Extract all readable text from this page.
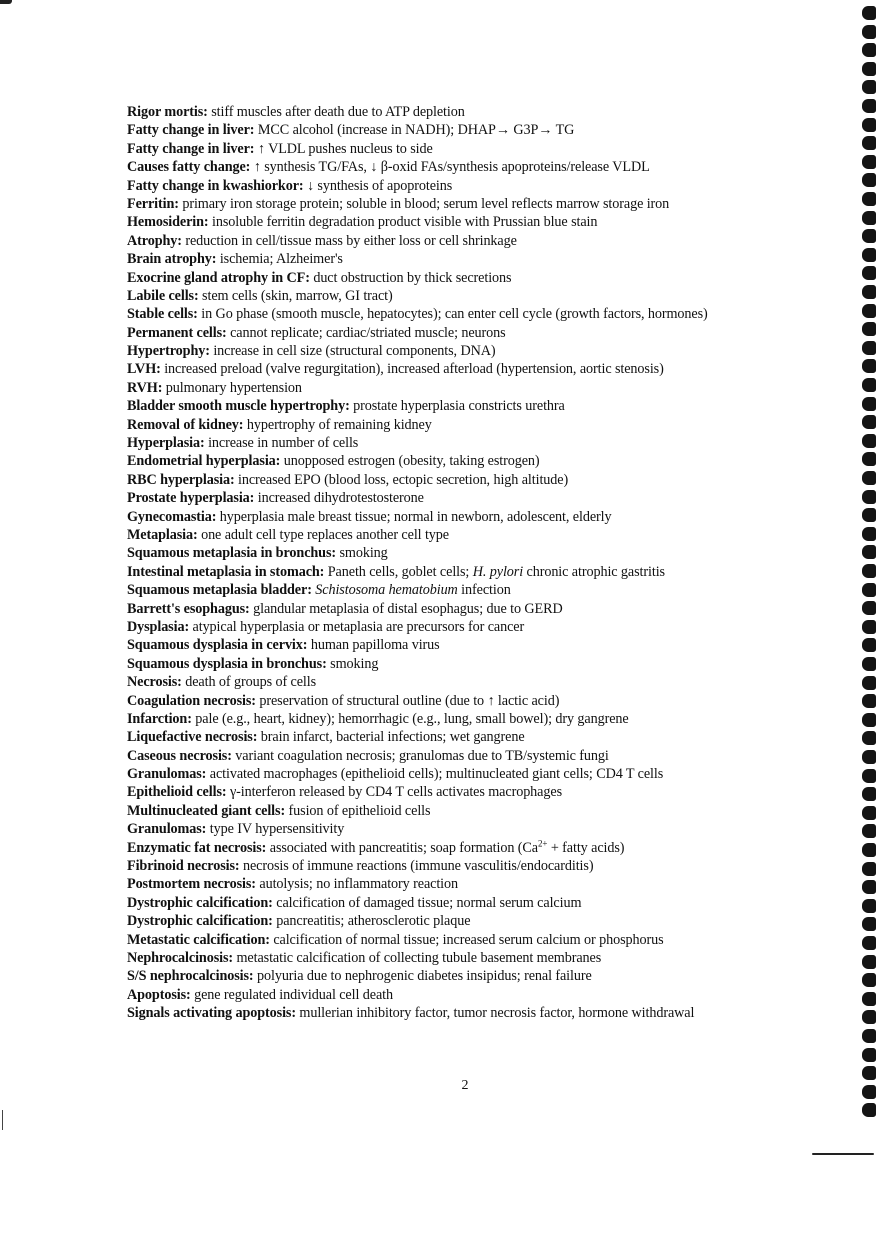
Rigor mortis: stiff muscles after death due to ATP depletion
Fatty change in liver: MCC alcohol (increase in NADH); DHAP→ G3P→ TG
Fatty change in liver: ↑ VLDL pushes nucleus to side
Causes fatty change: ↑ synthesis TG/FAs, ↓ β-oxid FAs/synthesis apoproteins/release VLDL
Fatty change in kwashiorkor: ↓ synthesis of apoproteins
Ferritin: primary iron storage protein; soluble in blood; serum level reflects marrow storage iron
Hemosiderin: insoluble ferritin degradation product visible with Prussian blue stain
Atrophy: reduction in cell/tissue mass by either loss or cell shrinkage
Brain atrophy: ischemia; Alzheimer's
Exocrine gland atrophy in CF: duct obstruction by thick secretions
Labile cells: stem cells (skin, marrow, GI tract)
Stable cells: in Go phase (smooth muscle, hepatocytes); can enter cell cycle (growth factors, hormones)
Permanent cells: cannot replicate; cardiac/striated muscle; neurons
Hypertrophy: increase in cell size (structural components, DNA)
LVH: increased preload (valve regurgitation), increased afterload (hypertension, aortic stenosis)
RVH: pulmonary hypertension
Bladder smooth muscle hypertrophy: prostate hyperplasia constricts urethra
Removal of kidney: hypertrophy of remaining kidney
Hyperplasia: increase in number of cells
Endometrial hyperplasia: unopposed estrogen (obesity, taking estrogen)
RBC hyperplasia: increased EPO (blood loss, ectopic secretion, high altitude)
Prostate hyperplasia: increased dihydrotestosterone
Gynecomastia: hyperplasia male breast tissue; normal in newborn, adolescent, elderly
Metaplasia: one adult cell type replaces another cell type
Squamous metaplasia in bronchus: smoking
Intestinal metaplasia in stomach: Paneth cells, goblet cells; H. pylori chronic atrophic gastritis
Squamous metaplasia bladder: Schistosoma hematobium infection
Barrett's esophagus: glandular metaplasia of distal esophagus; due to GERD
Dysplasia: atypical hyperplasia or metaplasia are precursors for cancer
Squamous dysplasia in cervix: human papilloma virus
Squamous dysplasia in bronchus: smoking
Necrosis: death of groups of cells
Coagulation necrosis: preservation of structural outline (due to ↑ lactic acid)
Infarction: pale (e.g., heart, kidney); hemorrhagic (e.g., lung, small bowel); dry gangrene
Liquefactive necrosis: brain infarct, bacterial infections; wet gangrene
Caseous necrosis: variant coagulation necrosis; granulomas due to TB/systemic fungi
Granulomas: activated macrophages (epithelioid cells); multinucleated giant cells; CD4 T cells
Epithelioid cells: γ-interferon released by CD4 T cells activates macrophages
Multinucleated giant cells: fusion of epithelioid cells
Granulomas: type IV hypersensitivity
Enzymatic fat necrosis: associated with pancreatitis; soap formation ($Ca^{2+}$ + fatty acids)
Fibrinoid necrosis: necrosis of immune reactions (immune vasculitis/endocarditis)
Postmortem necrosis: autolysis; no inflammatory reaction
Dystrophic calcification: calcification of damaged tissue; normal serum calcium
Dystrophic calcification: pancreatitis; atherosclerotic plaque
Metastatic calcification: calcification of normal tissue; increased serum calcium or phosphorus
Nephrocalcinosis: metastatic calcification of collecting tubule basement membranes
S/S nephrocalcinosis: polyuria due to nephrogenic diabetes insipidus; renal failure
Apoptosis: gene regulated individual cell death
Signals activating apoptosis: mullerian inhibitory factor, tumor necrosis factor, hormone withdrawal
2
